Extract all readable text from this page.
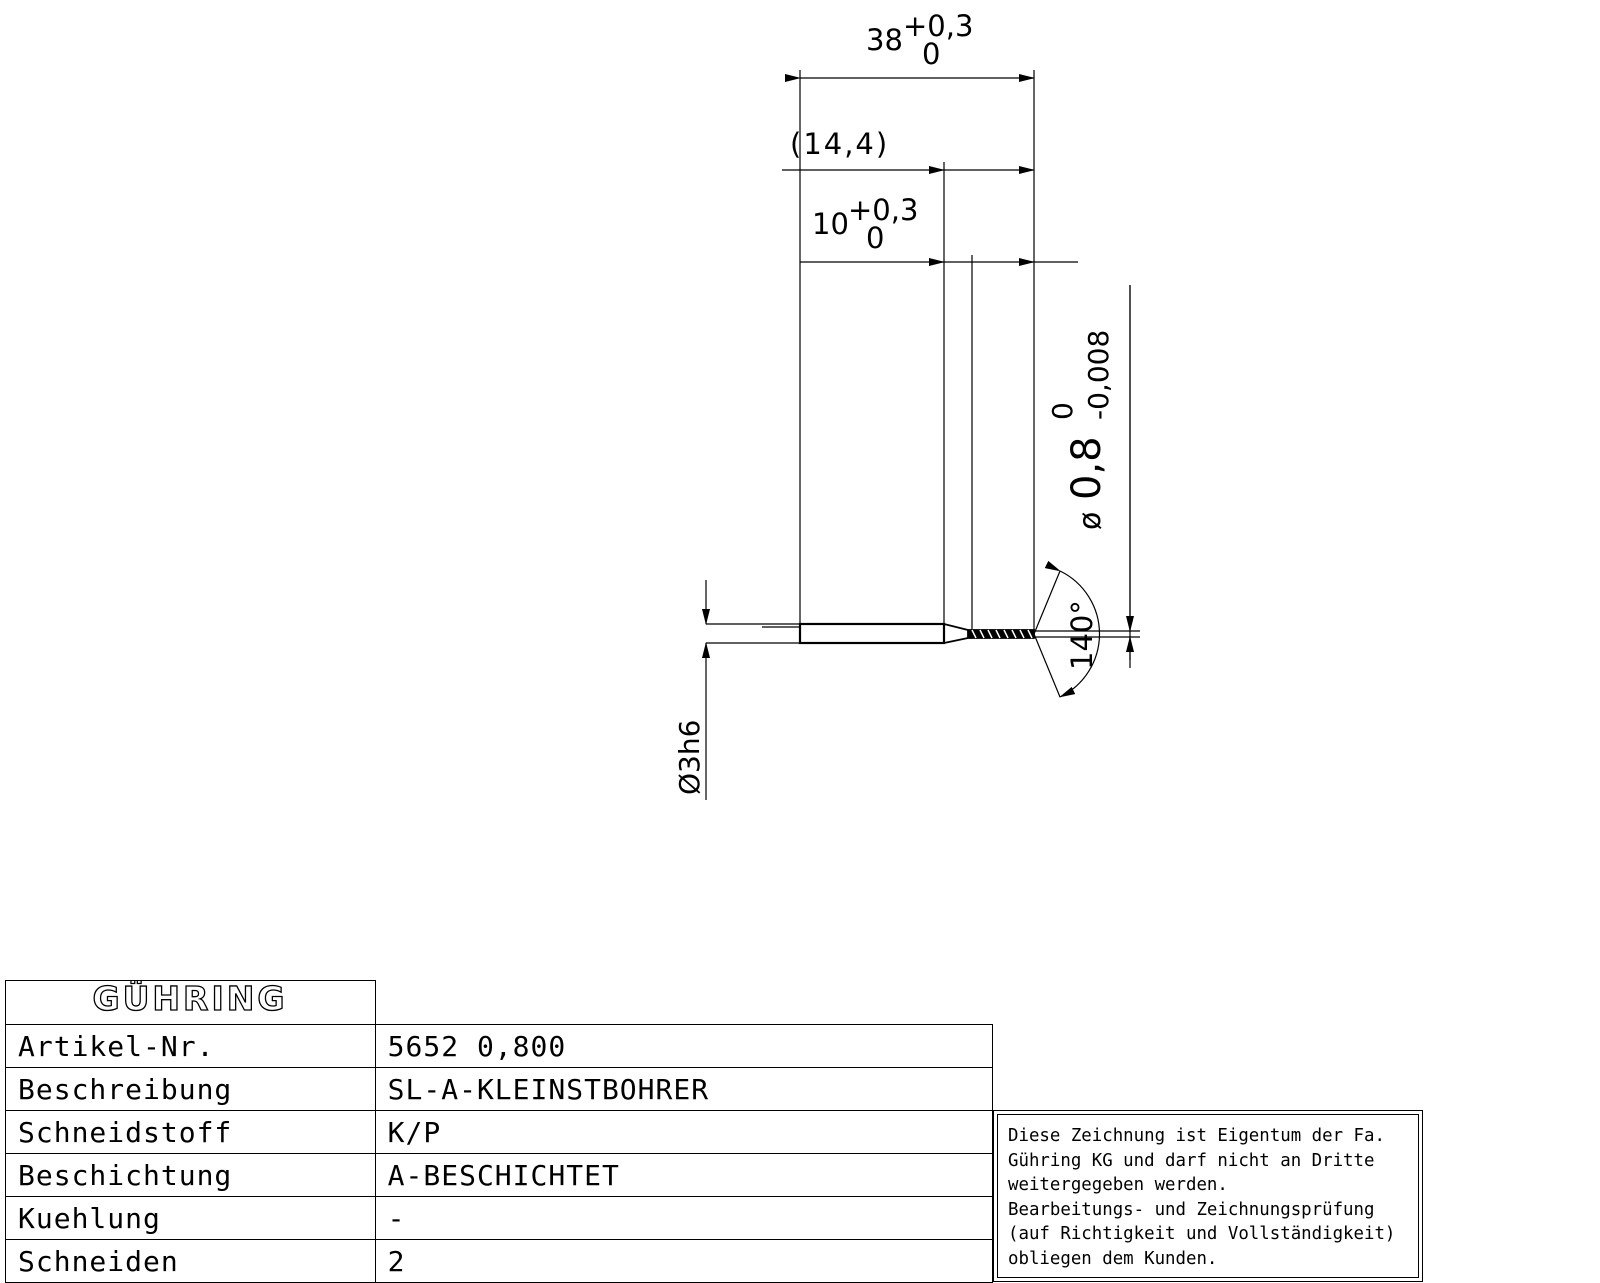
38 +0,3
0
(14,4)
10 +0,3
0
ø
0,8
0 -0,008
140°
Ø3h6
GÜHRING	

Artikel-Nr.	5652 0,800
Beschreibung	SL-A-KLEINSTBOHRER
Schneidstoff	K/P
Beschichtung	A-BESCHICHTET
Kuehlung	-
Schneiden	2
Diese Zeichnung ist Eigentum der Fa.
Gühring KG und darf nicht an Dritte
weitergegeben werden.
Bearbeitungs- und Zeichnungsprüfung
(auf Richtigkeit und Vollständigkeit)
obliegen dem Kunden.
